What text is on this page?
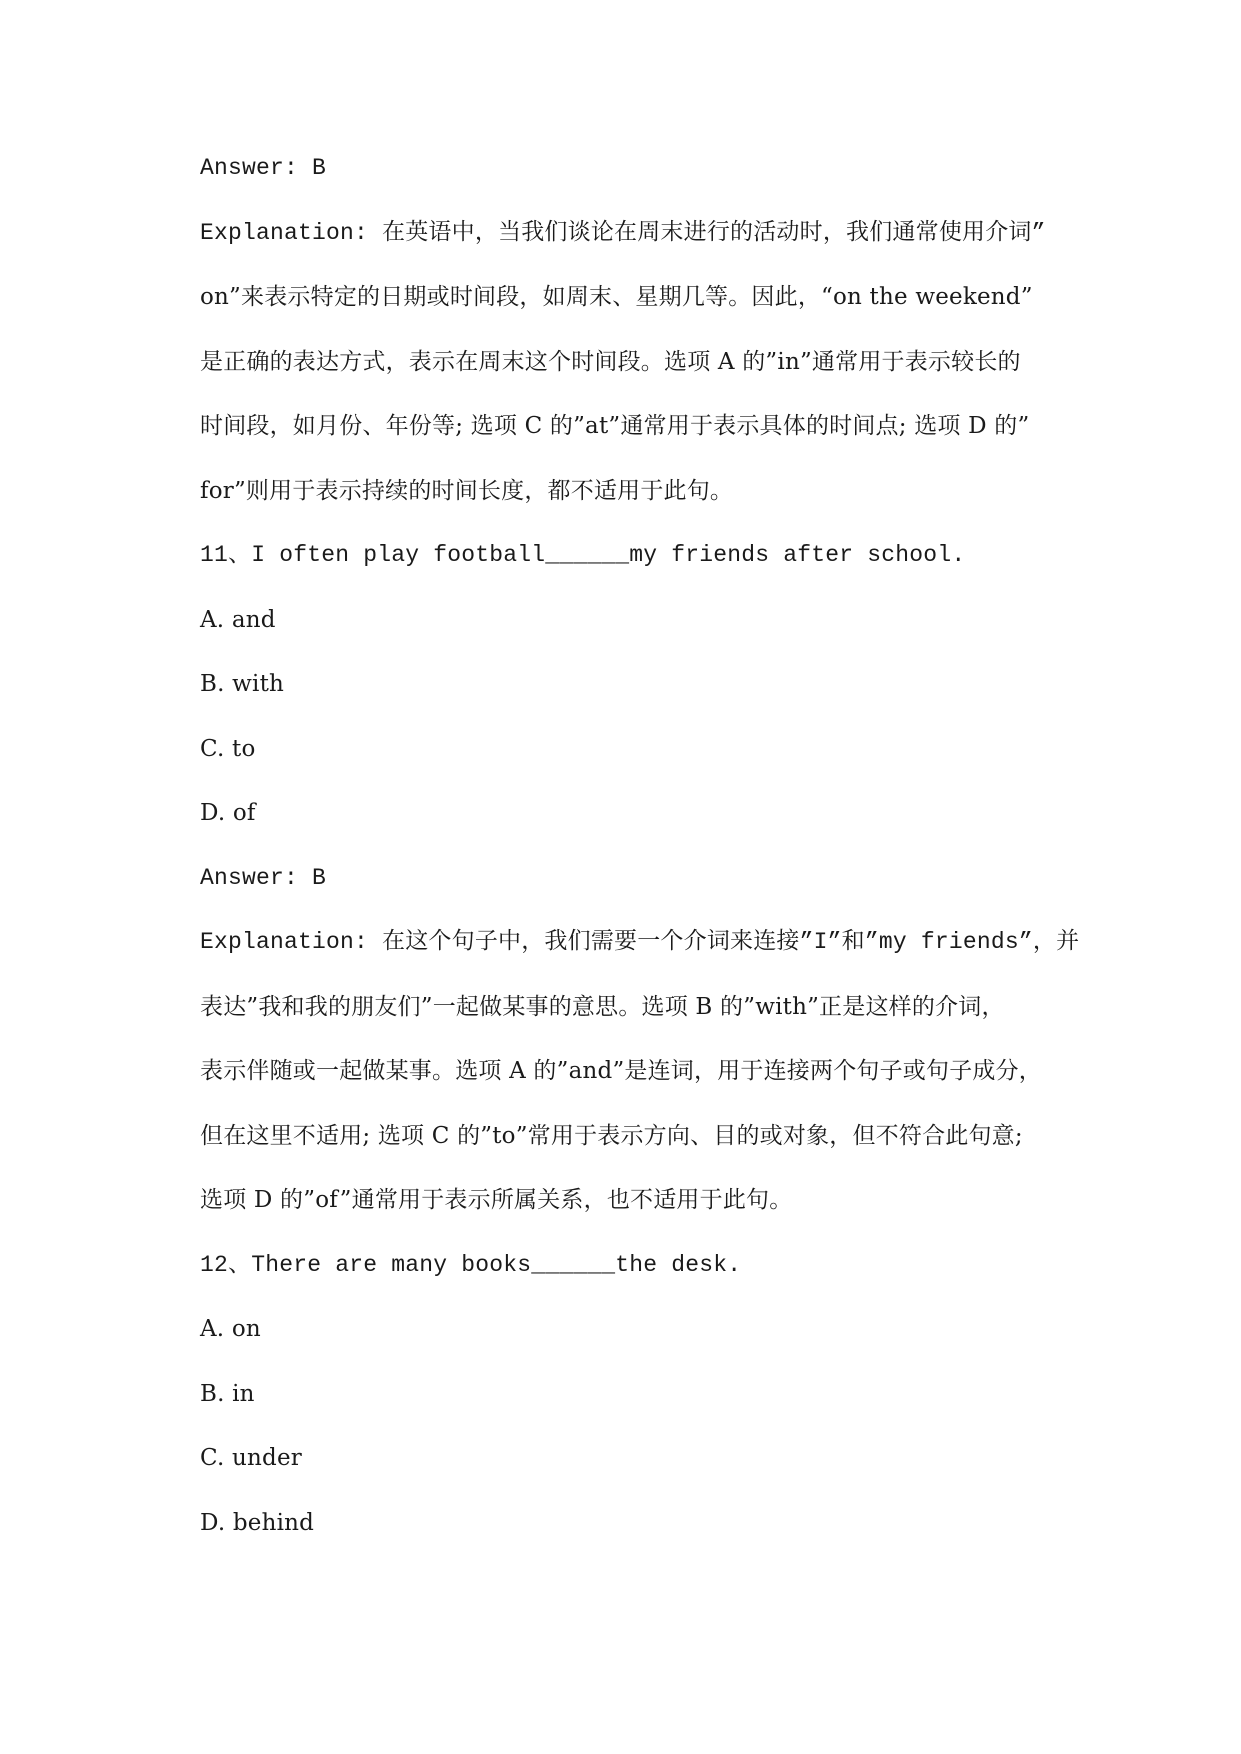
Answer: B

Explanation: 在英语中，当我们谈论在周末进行的活动时，我们通常使用介词”

on”来表示特定的日期或时间段，如周末、星期几等。因此，“on the weekend”

是正确的表达方式，表示在周末这个时间段。选项 A 的”in”通常用于表示较长的

时间段，如月份、年份等; 选项 C 的”at”通常用于表示具体的时间点; 选项 D 的”

for”则用于表示持续的时间长度，都不适用于此句。

11、I often play football______my friends after school.

A. and

B. with

C. to

D. of

Answer: B

Explanation: 在这个句子中，我们需要一个介词来连接”I”和”my friends”，并

表达”我和我的朋友们”一起做某事的意思。选项 B 的”with”正是这样的介词，

表示伴随或一起做某事。选项 A 的”and”是连词，用于连接两个句子或句子成分，

但在这里不适用; 选项 C 的”to”常用于表示方向、目的或对象，但不符合此句意;

选项 D 的”of”通常用于表示所属关系，也不适用于此句。

12、There are many books______the desk.

A. on

B. in

C. under

D. behind
